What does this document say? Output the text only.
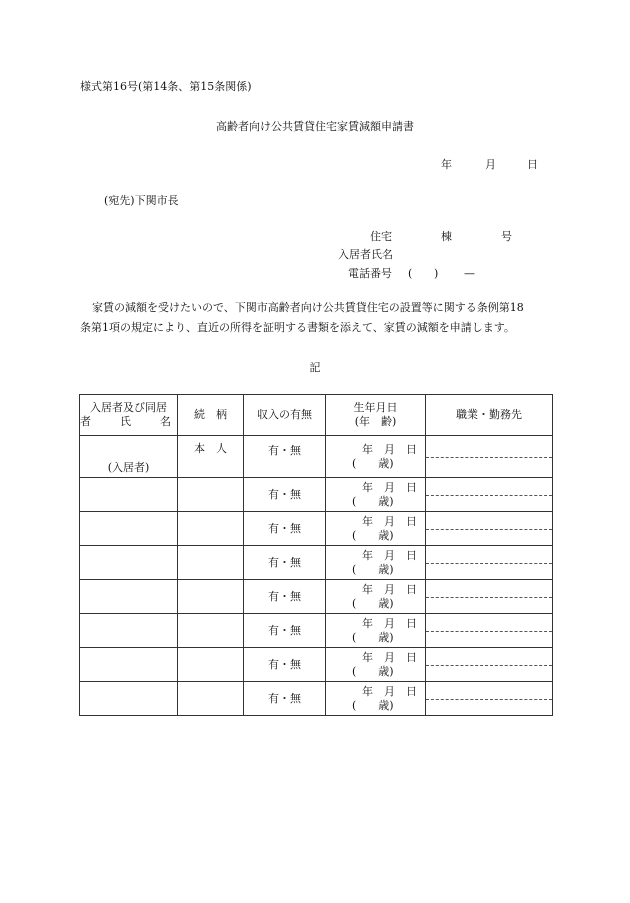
様式第16号(第14条、第15条関係)
高齢者向け公共賃貸住宅家賃減額申請書
年	月	日
(宛先)下関市長
住宅	棟	号
入居者氏名
電話番号 ( ) —
家賃の減額を受けたいので、下関市高齢者向け公共賃貸住宅の設置等に関する条例第18
条第1項の規定により、直近の所得を証明する書類を添えて、家賃の減額を申請します。
記
入居者及び同居
者 氏 名	続　柄	収入の有無	生年月日
(年　齢)	職業・勤務先
(入居者)	本　人	有・無	年　月　日
(　　歳)	

		有・無	年　月　日
(　　歳)	

		有・無	年　月　日
(　　歳)	

		有・無	年　月　日
(　　歳)	

		有・無	年　月　日
(　　歳)	

		有・無	年　月　日
(　　歳)	

		有・無	年　月　日
(　　歳)	

		有・無	年　月　日
(　　歳)	
